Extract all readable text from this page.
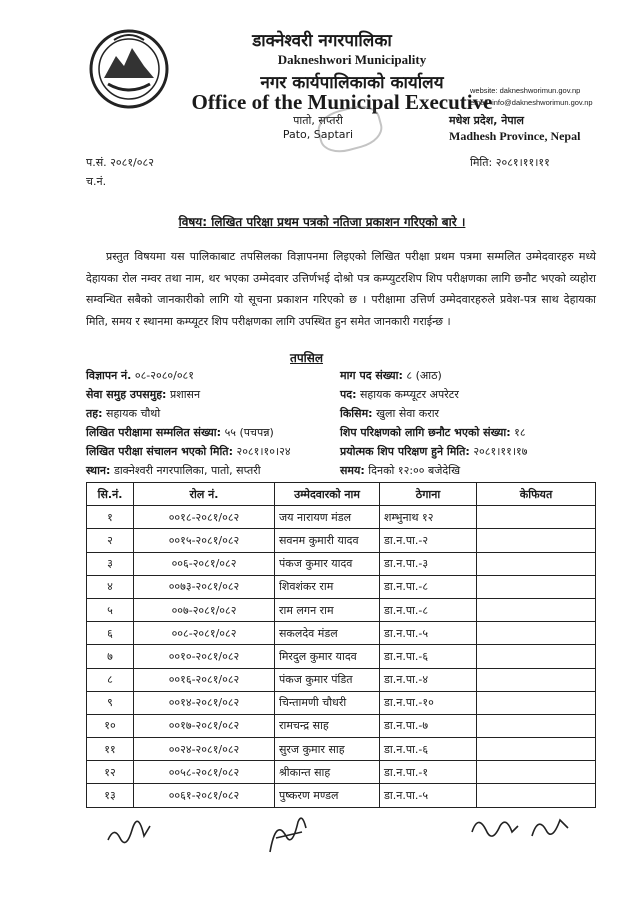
डाक्नेश्वरी नगरपालिका
Dakneshwori Municipality
नगर कार्यपालिकाको कार्यालय
Office of the Municipal Executive
पातो, सप्तरी
Pato, Saptari
website: dakneshworimun.gov.np
email :info@dakneshworimun.gov.np
मधेश प्रदेश, नेपाल
Madhesh Province, Nepal
प.सं. २०८१/०८२
च.नं.
मिति: २०८१।११।११
विषय: लिखित परिक्षा प्रथम पत्रको नतिजा प्रकाशन गरिएको बारे ।
प्रस्तुत विषयमा यस पालिकाबाट तपसिलका विज्ञापनमा लिइएको लिखित परीक्षा प्रथम पत्रमा सम्मलित उम्मेदवारहरु मध्ये देहायका रोल नम्वर तथा नाम, थर भएका उम्मेदवार उत्तिर्णभई दोश्रो पत्र कम्प्युटरशिप शिप परीक्षणका लागि छनौट भएको व्यहोरा सम्वन्धित सबैको जानकारीको लागि यो सूचना प्रकाशन गरिएको छ । परीक्षामा उत्तिर्ण उम्मेदवारहरुले प्रवेश-पत्र साथ देहायका मिति, समय र स्थानमा कम्प्यूटर शिप परीक्षणका लागि उपस्थित हुन समेत जानकारी गराईन्छ ।
तपसिल
विज्ञापन नं. ०८-२०८०/०८१
सेवा समुह उपसमुह: प्रशासन
तह: सहायक चौथो
लिखित परीक्षामा सम्मलित संख्या: ५५ (पचपन्न)
लिखित परीक्षा संचालन भएको मिति: २०८१।१०।२४
स्थान: डाक्नेश्वरी नगरपालिका, पातो, सप्तरी
माग पद संख्या: ८ (आठ)
पद: सहायक कम्प्यूटर अपरेटर
किसिम: खुला सेवा करार
शिप परिक्षणको लागि छनौट भएको संख्या: १८
प्रयोत्मक शिप परिक्षण हुने मिति: २०८१।११।१७
समय: दिनको १२:०० बजेदेखि
सि.नं.	रोल नं.	उम्मेदवारको नाम	ठेगाना	केफियत
१	००१८-२०८१/०८२	जय नारायण मंडल	शम्भुनाथ १२	
२	००१५-२०८१/०८२	सवनम कुमारी यादव	डा.न.पा.-२	
३	००६-२०८१/०८२	पंकज कुमार यादव	डा.न.पा.-३	
४	००७३-२०८१/०८२	शिवशंकर राम	डा.न.पा.-८	
५	००७-२०८१/०८२	राम लगन राम	डा.न.पा.-८	
६	००८-२०८१/०८२	सकलदेव मंडल	डा.न.पा.-५	
७	००१०-२०८१/०८२	मिरदुल कुमार यादव	डा.न.पा.-६	
८	००१६-२०८१/०८२	पंकज कुमार पंडित	डा.न.पा.-४	
९	००१४-२०८१/०८२	चिन्तामणी चौधरी	डा.न.पा.-१०	
१०	००१७-२०८१/०८२	रामचन्द्र साह	डा.न.पा.-७	
११	००२४-२०८१/०८२	सुरज कुमार साह	डा.न.पा.-६	
१२	००५८-२०८१/०८२	श्रीकान्त साह	डा.न.पा.-१	
१३	००६१-२०८१/०८२	पुष्करण मण्डल	डा.न.पा.-५	
